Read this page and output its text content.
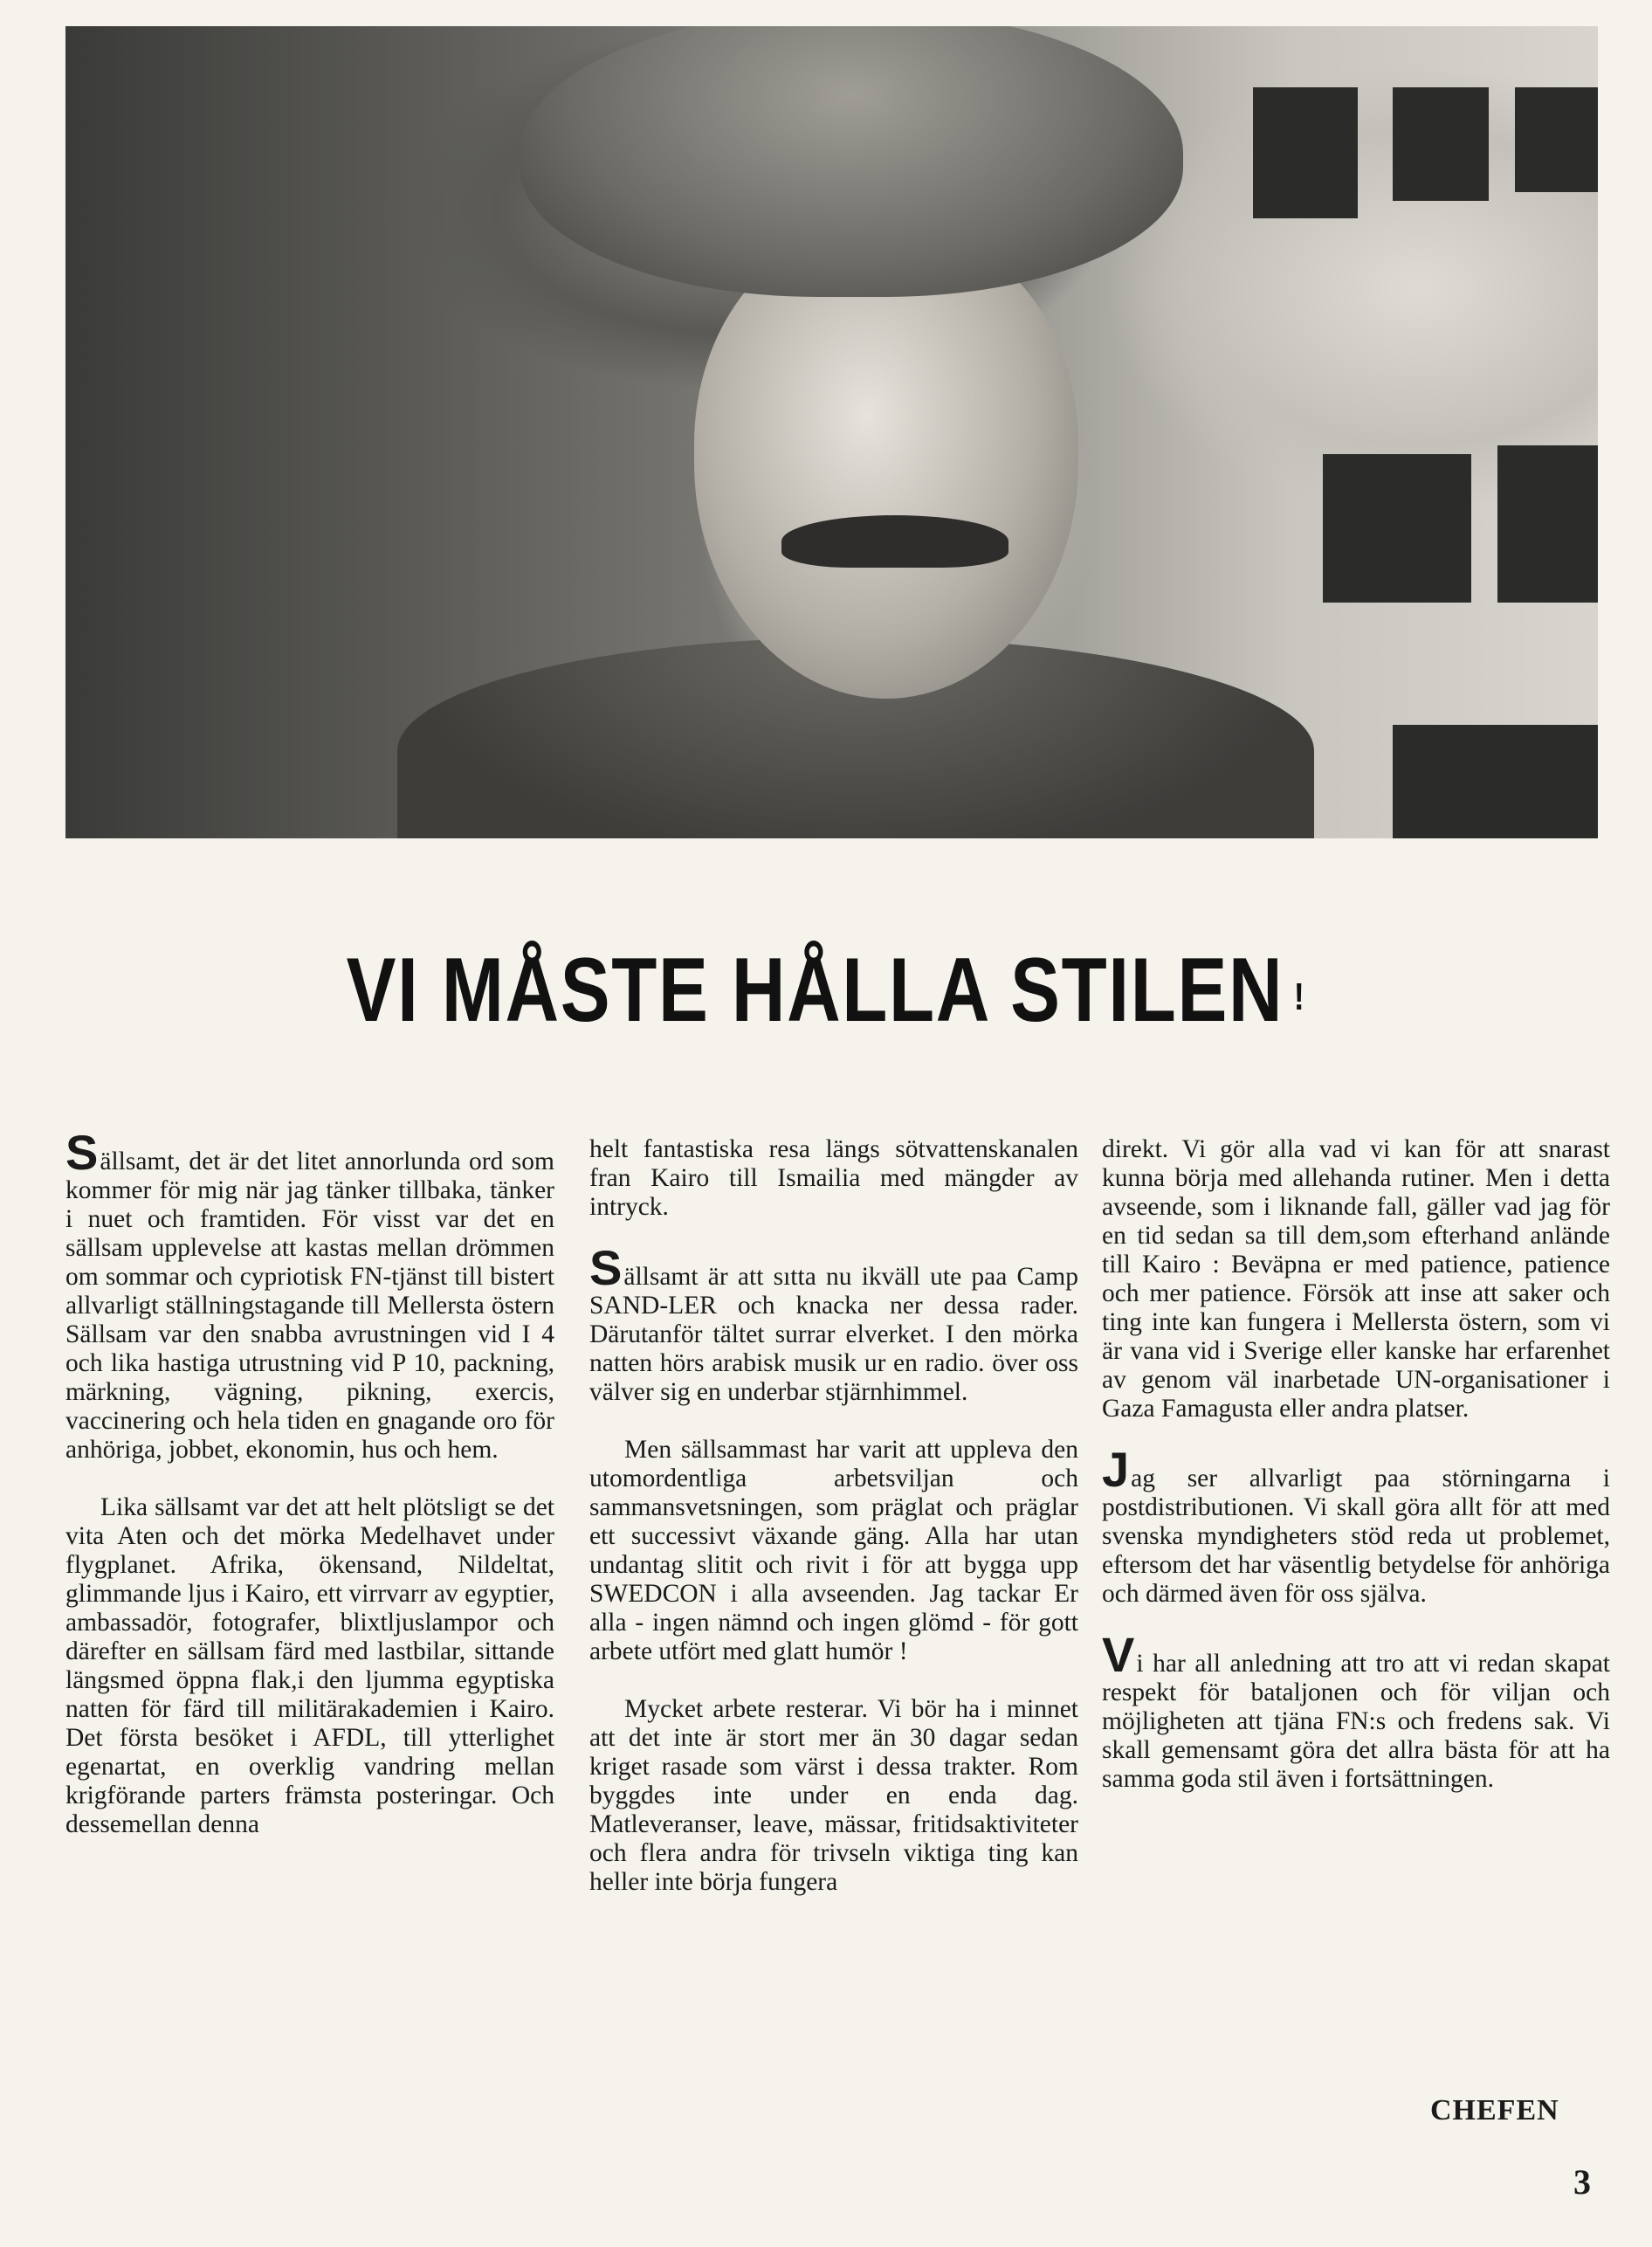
VI MÅSTE HÅLLA STILEN !

Sällsamt, det är det litet annorlunda ord som kommer för mig när jag tänker tillbaka, tänker i nuet och framtiden. För visst var det en sällsam upplevelse att kastas mellan drömmen om sommar och cypriotisk FN-tjänst till bistert allvarligt ställningstagande till Mellersta östern Sällsam var den snabba avrustningen vid I 4 och lika hastiga utrustning vid P 10, packning, märkning, vägning, pikning, exercis, vaccinering och hela tiden en gnagande oro för anhöriga, jobbet, ekonomin, hus och hem.

Lika sällsamt var det att helt plötsligt se det vita Aten och det mörka Medelhavet under flygplanet. Afrika, ökensand, Nildeltat, glimmande ljus i Kairo, ett virrvarr av egyptier, ambassadör, fotografer, blixtljuslampor och därefter en sällsam färd med lastbilar, sittande längsmed öppna flak,i den ljumma egyptiska natten för färd till militärakademien i Kairo. Det första besöket i AFDL, till ytterlighet egenartat, en overklig vandring mellan krigförande parters främsta posteringar. Och dessemellan denna

helt fantastiska resa längs sötvattenskanalen fran Kairo till Ismailia med mängder av intryck.

Sällsamt är att sıtta nu ikväll ute paa Camp SAND-LER och knacka ner dessa rader. Därutanför tältet surrar elverket. I den mörka natten hörs arabisk musik ur en radio. över oss välver sig en underbar stjärnhimmel.

Men sällsammast har varit att uppleva den utomordentliga arbetsviljan och sammansvetsningen, som präglat och präglar ett successivt växande gäng. Alla har utan undantag slitit och rivit i för att bygga upp SWEDCON i alla avseenden. Jag tackar Er alla - ingen nämnd och ingen glömd - för gott arbete utfört med glatt humör !

Mycket arbete resterar. Vi bör ha i minnet att det inte är stort mer än 30 dagar sedan kriget rasade som värst i dessa trakter. Rom byggdes inte under en enda dag. Matleveranser, leave, mässar, fritidsaktiviteter och flera andra för trivseln viktiga ting kan heller inte börja fungera

direkt. Vi gör alla vad vi kan för att snarast kunna börja med allehanda rutiner. Men i detta avseende, som i liknande fall, gäller vad jag för en tid sedan sa till dem,som efterhand anlände till Kairo : Beväpna er med patience, patience och mer patience. Försök att inse att saker och ting inte kan fungera i Mellersta östern, som vi är vana vid i Sverige eller kanske har erfarenhet av genom väl inarbetade UN-organisationer i Gaza Famagusta eller andra platser.

Jag ser allvarligt paa störningarna i postdistributionen. Vi skall göra allt för att med svenska myndigheters stöd reda ut problemet, eftersom det har väsentlig betydelse för anhöriga och därmed även för oss själva.

Vi har all anledning att tro att vi redan skapat respekt för bataljonen och för viljan och möjligheten att tjäna FN:s och fredens sak. Vi skall gemensamt göra det allra bästa för att ha samma goda stil även i fortsättningen.

CHEFEN
3
